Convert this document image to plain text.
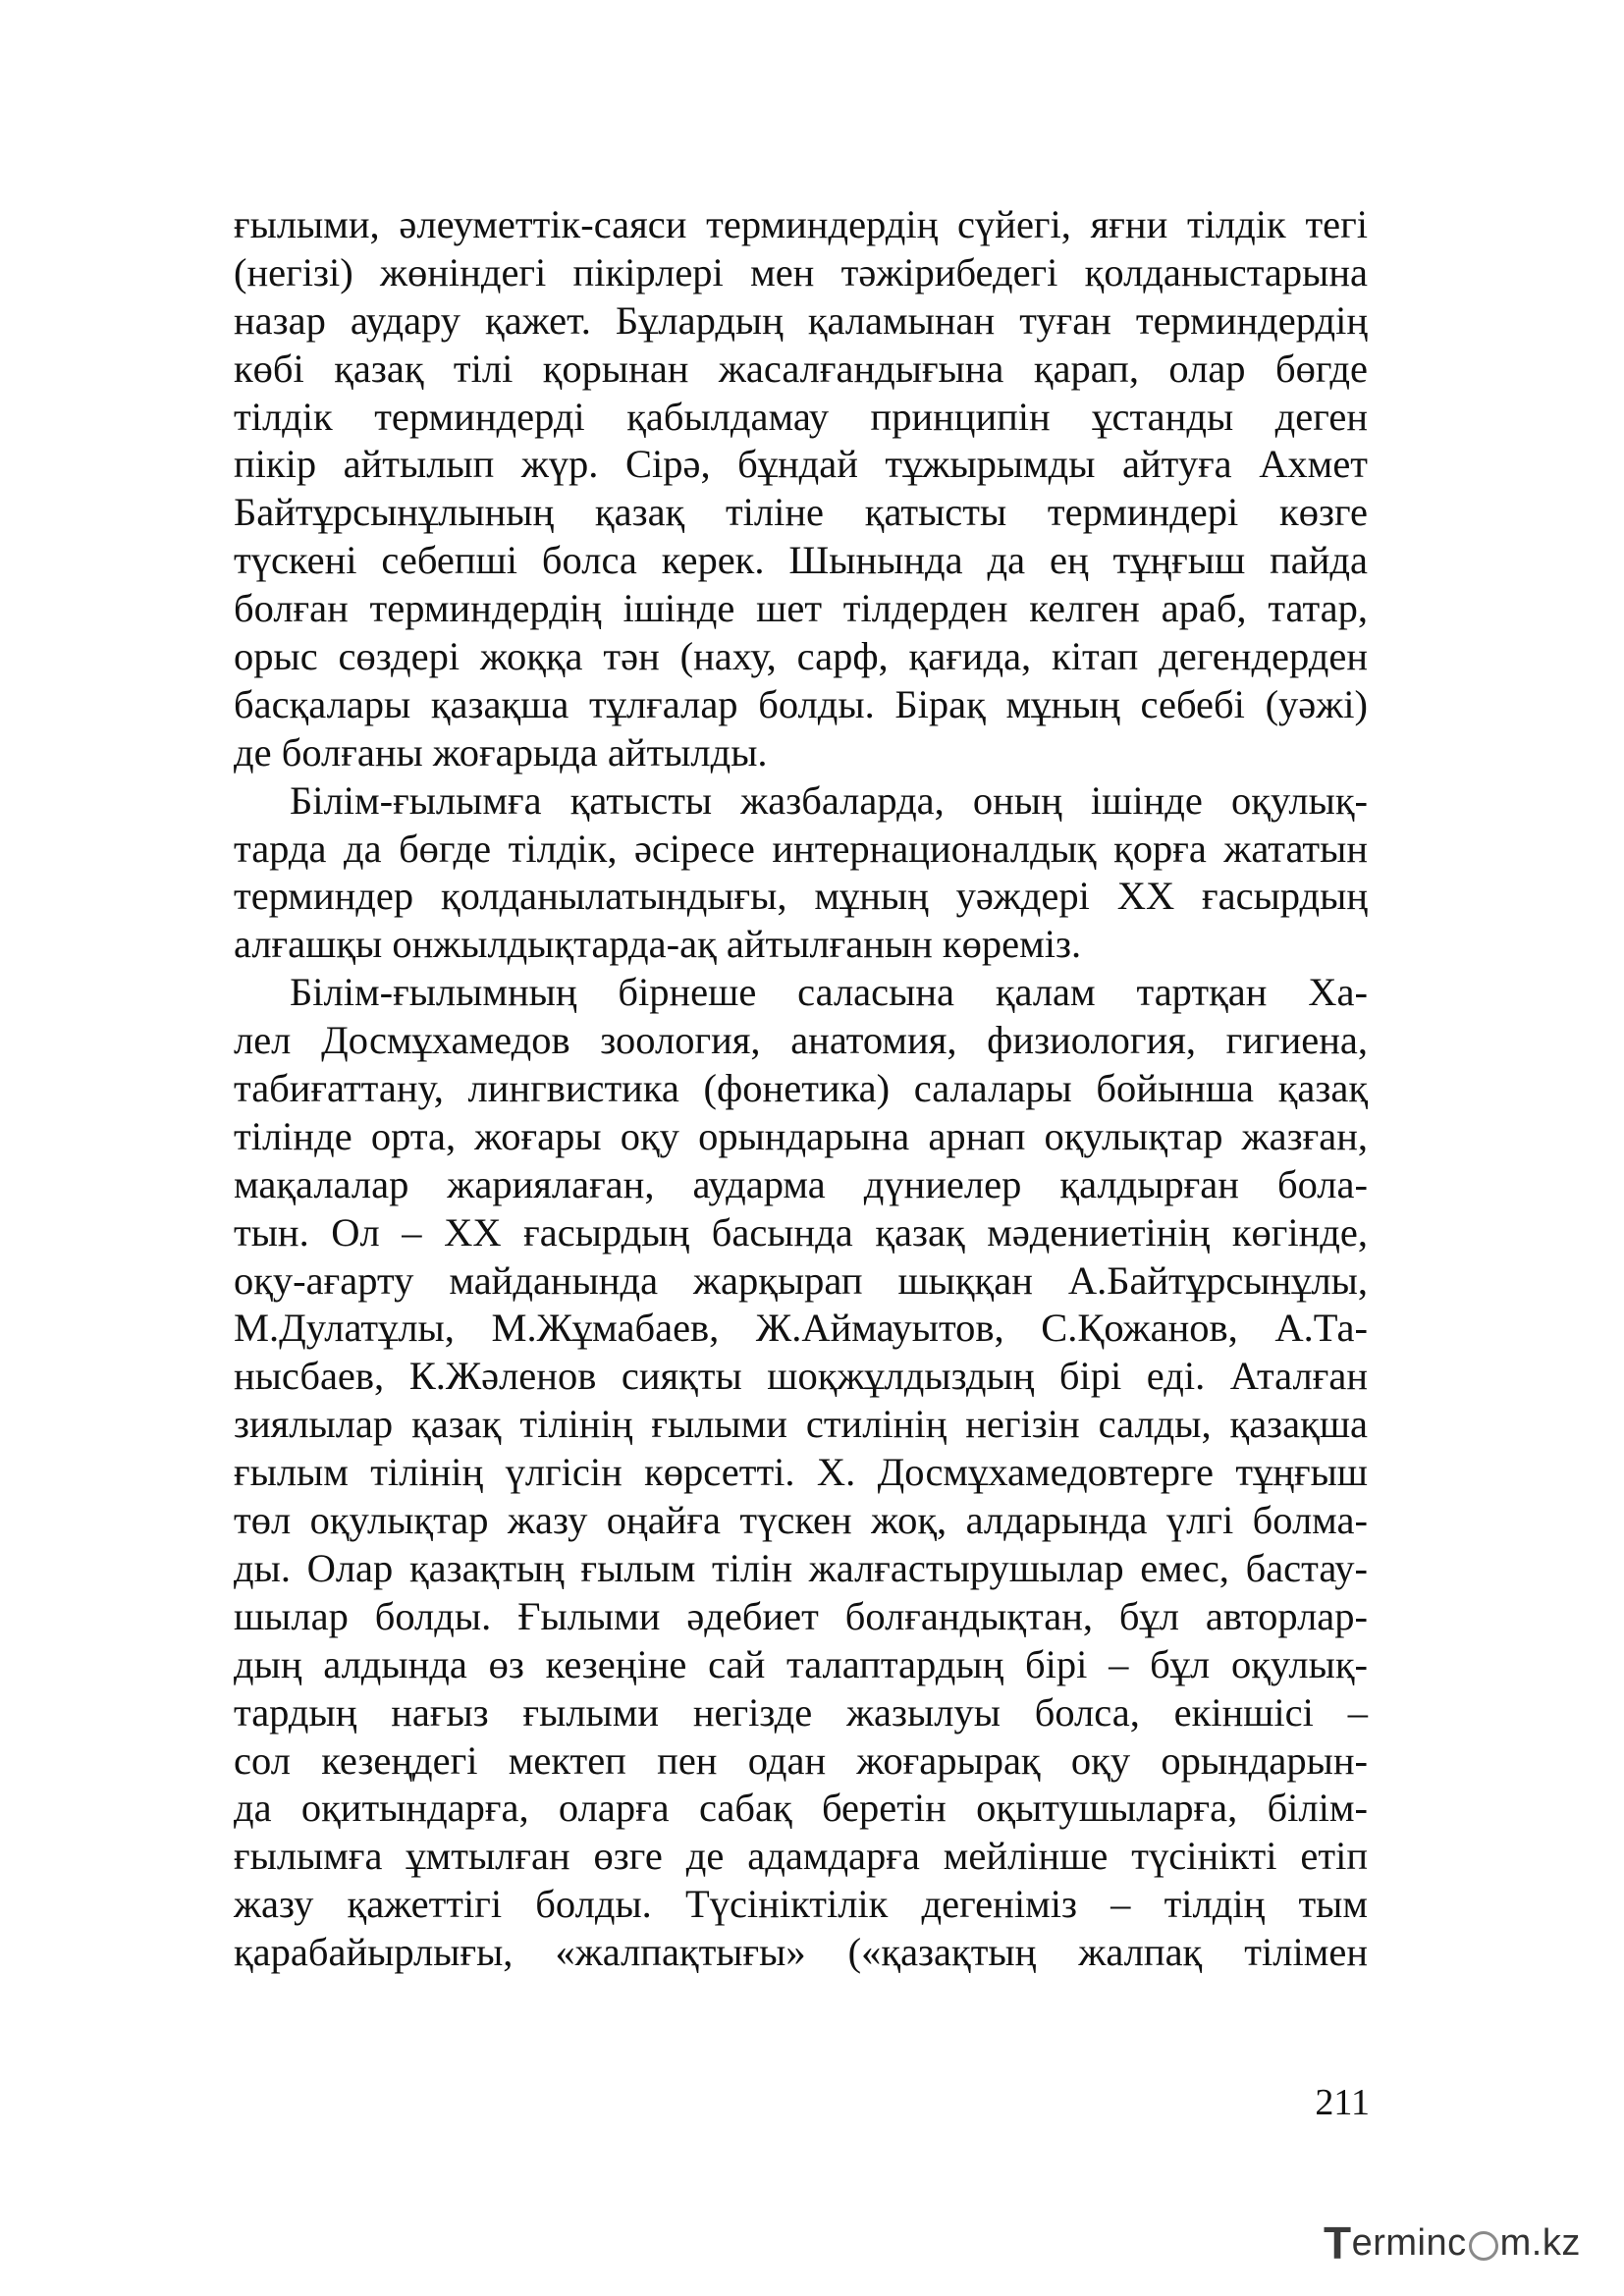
ғылыми, әлеуметтік-саяси терминдердің сүйегі, яғни тілдік тегі
(негізі) жөніндегі пікірлері мен тәжірибедегі қолданыстарына
назар аудару қажет. Бұлардың қаламынан туған терминдердің
көбі қазақ тілі қорынан жасалғандығына қарап, олар бөгде
тілдік терминдерді қабылдамау принципін ұстанды деген
пікір айтылып жүр. Сірә, бұндай тұжырымды айтуға Ахмет
Байтұрсынұлының қазақ тіліне қатысты терминдері көзге
түскені себепші болса керек. Шынында да ең тұңғыш пайда
болған терминдердің ішінде шет тілдерден келген араб, татар,
орыс сөздері жоққа тән (наху, сарф, қағида, кітап дегендерден
басқалары қазақша тұлғалар болды. Бірақ мұның себебі (уәжі)
де болғаны жоғарыда айтылды.
Білім-ғылымға қатысты жазбаларда, оның ішінде оқулық-
тарда да бөгде тілдік, әсіресе интернационалдық қорға жататын
терминдер қолданылатындығы, мұның уәждері ХХ ғасырдың
алғашқы онжылдықтарда-ақ айтылғанын көреміз.
Білім-ғылымның бірнеше саласына қалам тартқан Ха-
лел Досмұхамедов зоология, анатомия, физиология, гигиена,
табиғаттану, лингвистика (фонетика) салалары бойынша қазақ
тілінде орта, жоғары оқу орындарына арнап оқулықтар жазған,
мақалалар жариялаған, аударма дүниелер қалдырған бола-
тын. Ол – ХХ ғасырдың басында қазақ мәдениетінің көгінде,
оқу-ағарту майданында жарқырап шыққан А.Байтұрсынұлы,
М.Дулатұлы, М.Жұмабаев, Ж.Аймауытов, С.Қожанов, А.Та-
нысбаев, К.Жәленов сияқты шоқжұлдыздың бірі еді. Аталған
зиялылар қазақ тілінің ғылыми стилінің негізін салды, қазақша
ғылым тілінің үлгісін көрсетті. Х. Досмұхамедовтерге тұңғыш
төл оқулықтар жазу оңайға түскен жоқ, алдарында үлгі болма-
ды. Олар қазақтың ғылым тілін жалғастырушылар емес, бастау-
шылар болды. Ғылыми әдебиет болғандықтан, бұл авторлар-
дың алдында өз кезеңіне сай талаптардың бірі – бұл оқулық-
тардың нағыз ғылыми негізде жазылуы болса, екіншісі –
сол кезеңдегі мектеп пен одан жоғарырақ оқу орындарын-
да оқитындарға, оларға сабақ беретін оқытушыларға, білім-
ғылымға ұмтылған өзге де адамдарға мейлінше түсінікті етіп
жазу қажеттігі болды. Түсініктілік дегеніміз – тілдің тым
қарабайырлығы, «жалпақтығы» («қазақтың жалпақ тілімен
211
T erminc m.kz
